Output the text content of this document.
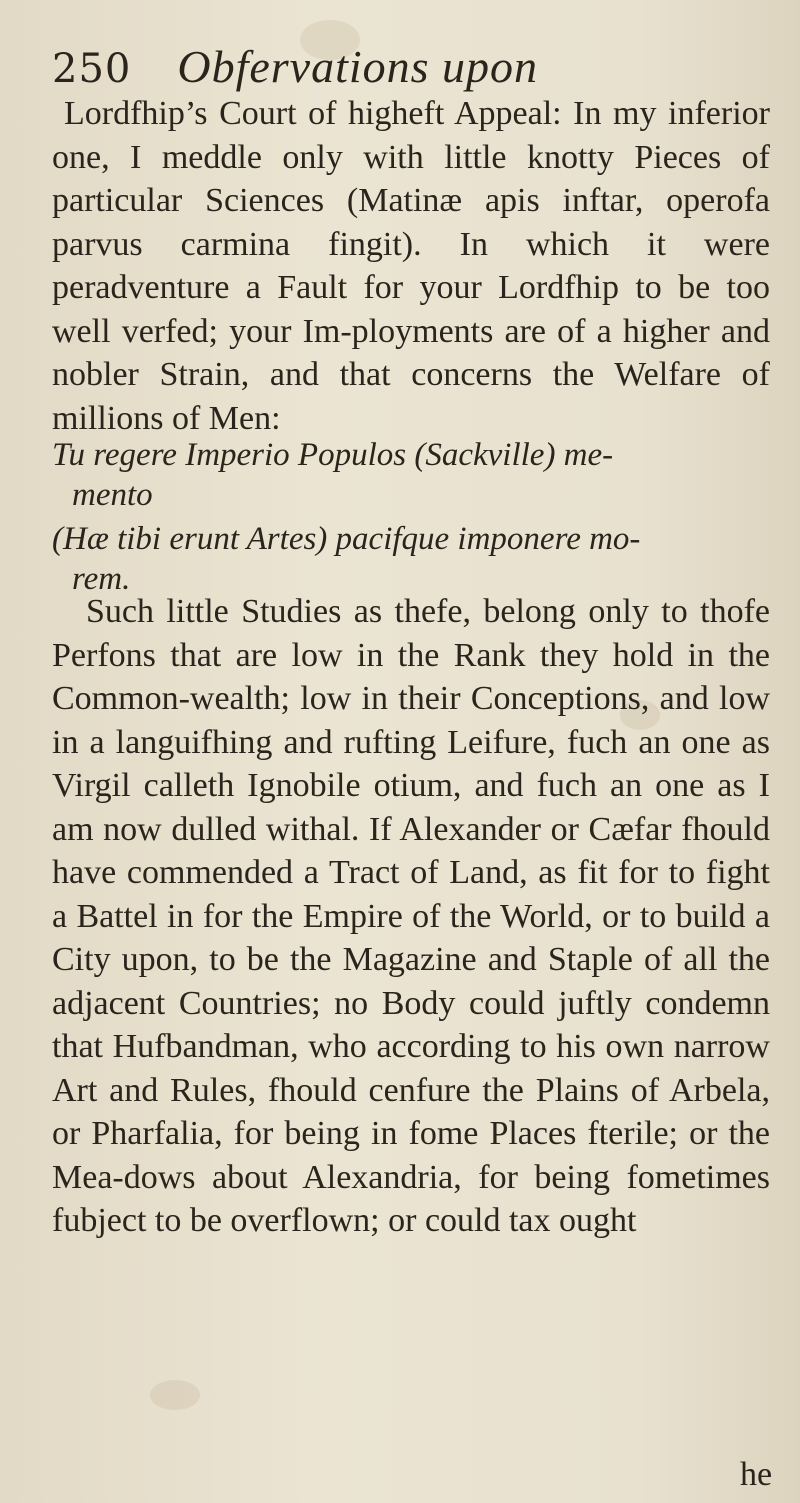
250 Obfervations upon
Lordfhip’s Court of higheft Appeal: In my inferior one, I meddle only with little knotty Pieces of particular Sciences (Matinæ apis inftar, operofa parvus carmina fingit). In which it were peradventure a Fault for your Lordfhip to be too well verfed; your Im-ployments are of a higher and nobler Strain, and that concerns the Welfare of millions of Men:
Tu regere Imperio Populos (Sackville) me-
mento
(Hæ tibi erunt Artes) pacifque imponere mo-
rem.
Such little Studies as thefe, belong only to thofe Perfons that are low in the Rank they hold in the Common-wealth; low in their Conceptions, and low in a languifhing and rufting Leifure, fuch an one as Virgil calleth Ignobile otium, and fuch an one as I am now dulled withal. If Alexander or Cæfar fhould have commended a Tract of Land, as fit for to fight a Battel in for the Empire of the World, or to build a City upon, to be the Magazine and Staple of all the adjacent Countries; no Body could juftly condemn that Hufbandman, who according to his own narrow Art and Rules, fhould cenfure the Plains of Arbela, or Pharfalia, for being in fome Places fterile; or the Mea-dows about Alexandria, for being fometimes fubject to be overflown; or could tax ought
he
